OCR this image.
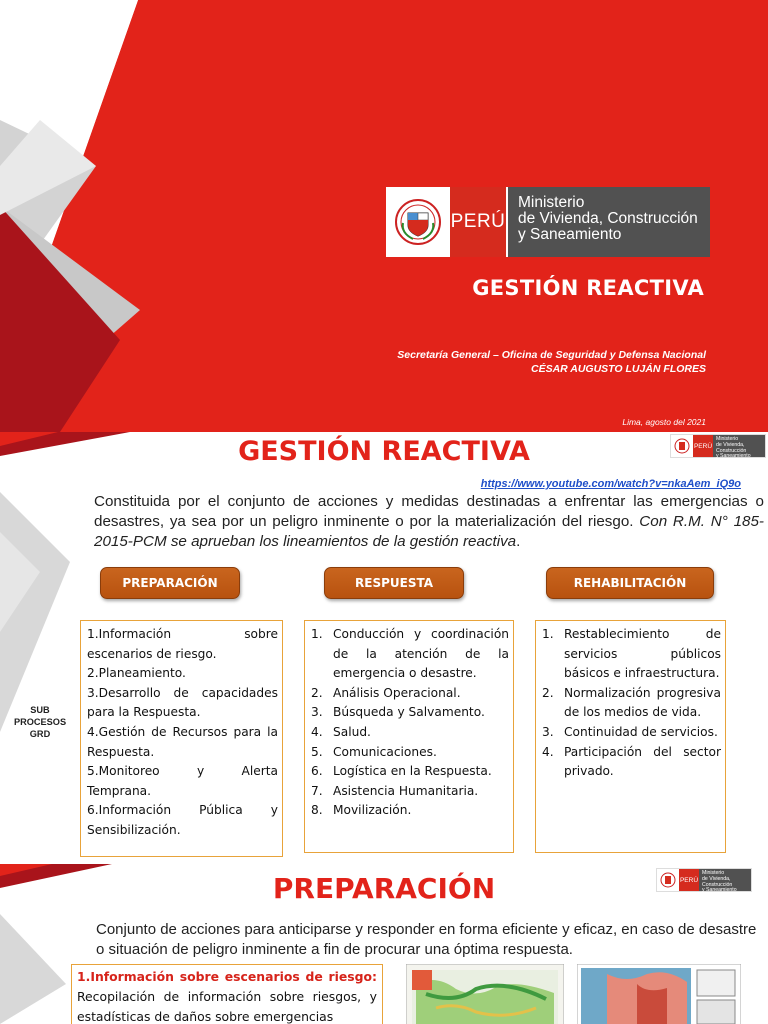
PERÚ
Ministerio
de Vivienda, Construcción
y Saneamiento
GESTIÓN REACTIVA
Secretaría General – Oficina de Seguridad y Defensa Nacional
CÉSAR AUGUSTO LUJÁN FLORES
Lima, agosto del 2021
PERÚ
Ministerio
de Vivienda, Construcción
y Saneamiento
GESTIÓN REACTIVA
https://www.youtube.com/watch?v=nkaAem_iQ9o

Constituida por el conjunto de acciones y medidas destinadas a enfrentar las emergencias o desastres, ya sea por un peligro inminente o por la materialización del riesgo. Con R.M. N° 185-2015-PCM se aprueban los lineamientos de la gestión reactiva.

PREPARACIÓN	RESPUESTA	REHABILITACIÓN
SUB
PROCESOS
GRD
1.Información sobre escenarios de riesgo.
2.Planeamiento.
3.Desarrollo de capacidades para la Respuesta.
4.Gestión de Recursos para la Respuesta.
5.Monitoreo y Alerta Temprana.
6.Información Pública y Sensibilización.
1. Conducción y coordinación de la atención de la emergencia o desastre.
2. Análisis Operacional.
3. Búsqueda y Salvamento.
4. Salud.
5. Comunicaciones.
6. Logística en la Respuesta.
7. Asistencia Humanitaria.
8. Movilización.
1. Restablecimiento de servicios públicos básicos e infraestructura.
2. Normalización progresiva de los medios de vida.
3. Continuidad de servicios.
4. Participación del sector privado.
PERÚ
Ministerio
de Vivienda, Construcción
y Saneamiento
PREPARACIÓN

Conjunto de acciones para anticiparse y responder en forma eficiente y eficaz, en caso de desastre o situación de peligro inminente a fin de procurar una óptima respuesta.

1.Información sobre escenarios de riesgo: Recopilación de información sobre riesgos, y estadísticas de daños sobre emergencias
